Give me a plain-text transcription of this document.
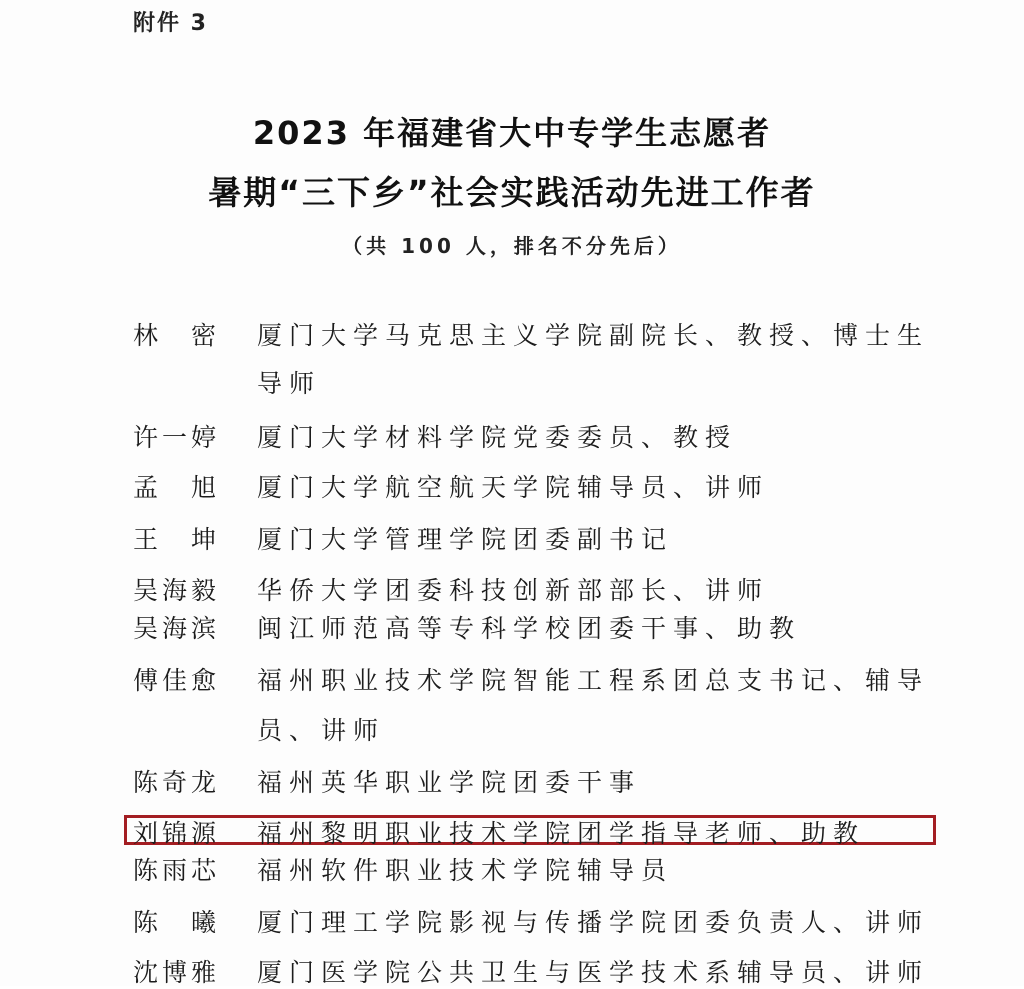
附件 3
2023 年福建省大中专学生志愿者
暑期“三下乡”社会实践活动先进工作者
（共 100 人，排名不分先后）
林　密 厦门大学马克思主义学院副院长、教授、博士生
导师
许一婷 厦门大学材料学院党委委员、教授
孟　旭 厦门大学航空航天学院辅导员、讲师
王　坤 厦门大学管理学院团委副书记
吴海毅 华侨大学团委科技创新部部长、讲师
吴海滨 闽江师范高等专科学校团委干事、助教
傅佳愈 福州职业技术学院智能工程系团总支书记、辅导
员、讲师
陈奇龙 福州英华职业学院团委干事
刘锦源 福州黎明职业技术学院团学指导老师、助教
陈雨芯 福州软件职业技术学院辅导员
陈　曦 厦门理工学院影视与传播学院团委负责人、讲师
沈博雅 厦门医学院公共卫生与医学技术系辅导员、讲师
